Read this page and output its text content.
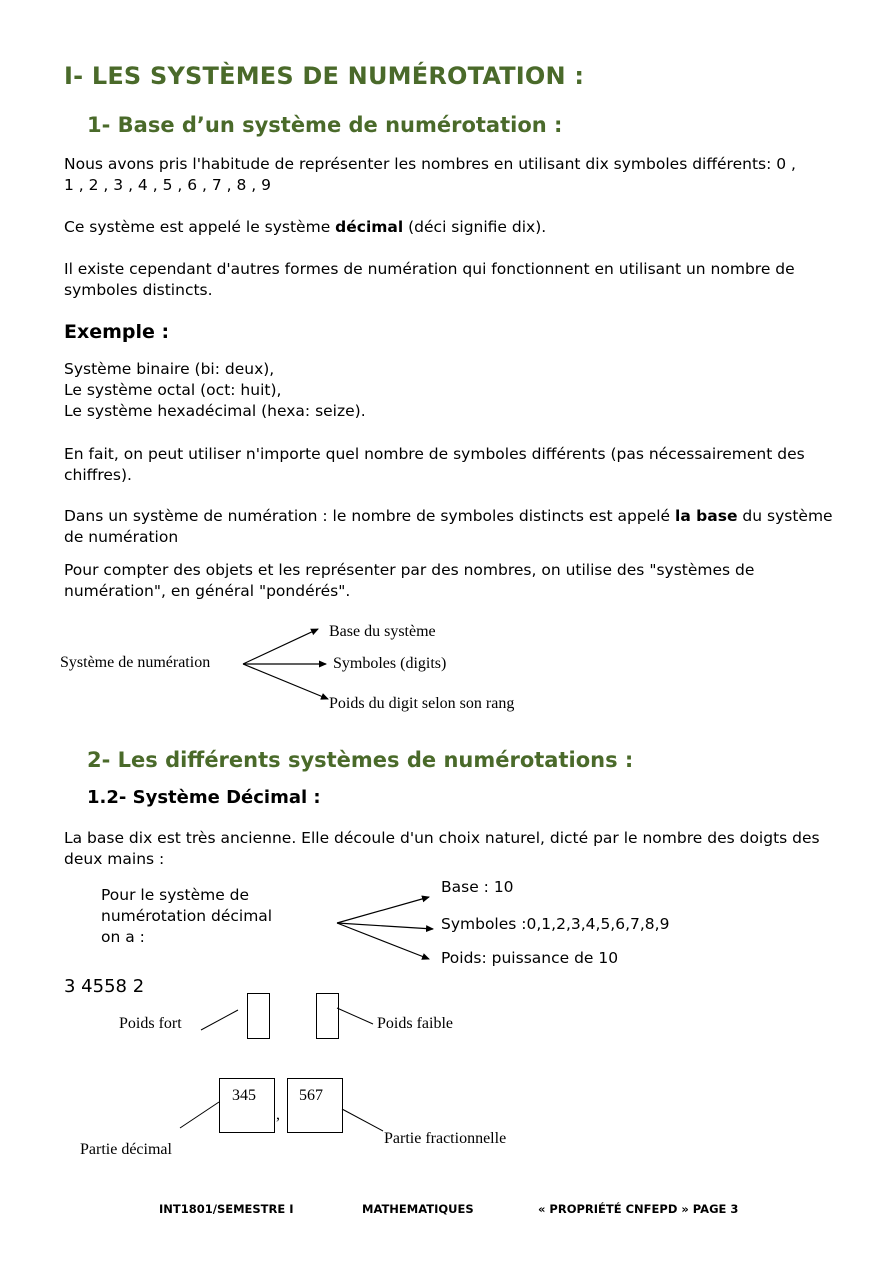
I- LES SYSTÈMES DE NUMÉROTATION :
1- Base d’un système de numérotation :
Nous avons pris l'habitude de représenter les nombres en utilisant dix symboles différents: 0 ,
1 , 2 , 3 , 4 , 5 , 6 , 7 , 8 , 9
Ce système est appelé le système décimal (déci signifie dix).
Il existe cependant d'autres formes de numération qui fonctionnent en utilisant un nombre de symboles distincts.
Exemple :
Système binaire (bi: deux),
Le système octal (oct: huit),
Le système hexadécimal (hexa: seize).
En fait, on peut utiliser n'importe quel nombre de symboles différents (pas nécessairement des chiffres).
Dans un système de numération : le nombre de symboles distincts est appelé la base du système de numération
Pour compter des objets et les représenter par des nombres, on utilise des "systèmes de numération", en général "pondérés".
Système de numération
Base du système
Symboles (digits)
Poids du digit selon son rang
2- Les différents systèmes de numérotations :
1.2- Système Décimal :
La base dix est très ancienne. Elle découle d'un choix naturel, dicté par le nombre des doigts des deux mains :
Pour le système de
numérotation décimal
on a :
Base : 10
Symboles :0,1,2,3,4,5,6,7,8,9
Poids: puissance de 10
3 4558 2
Poids fort	Poids faible
345
,
567
Partie décimal
Partie fractionnelle
INT1801/SEMESTRE I	MATHEMATIQUES	« PROPRIÉTÉ CNFEPD » PAGE 3
